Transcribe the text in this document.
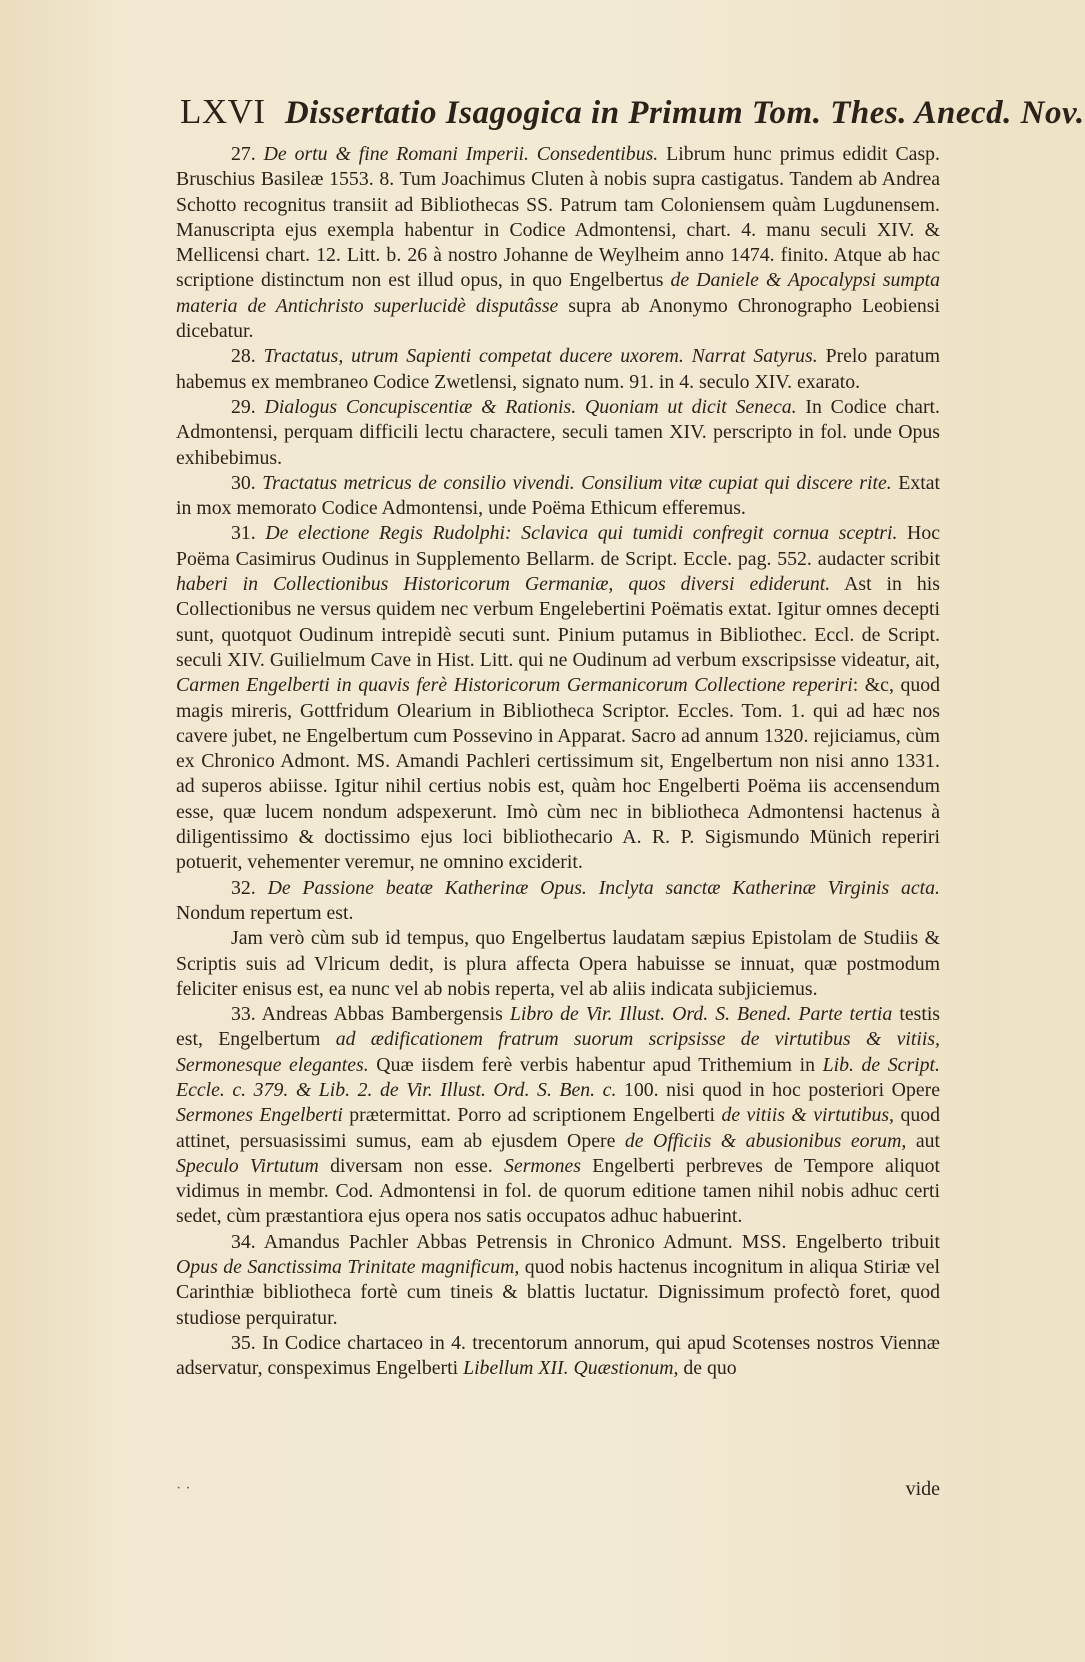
LXVI Dissertatio Isagogica in Primum Tom. Thes. Anecd. Nov.

27. De ortu & fine Romani Imperii. Consedentibus. Librum hunc primus edidit Casp. Bruschius Basileæ 1553. 8. Tum Joachimus Cluten à nobis supra castigatus. Tandem ab Andrea Schotto recognitus transiit ad Bibliothecas SS. Patrum tam Coloniensem quàm Lugdunensem. Manuscripta ejus exempla habentur in Codice Admontensi, chart. 4. manu seculi XIV. & Mellicensi chart. 12. Litt. b. 26 à nostro Johanne de Weylheim anno 1474. finito. Atque ab hac scriptione distinctum non est illud opus, in quo Engelbertus de Daniele & Apocalypsi sumpta materia de Antichristo superlucidè disputâsse supra ab Anonymo Chronographo Leobiensi dicebatur.

28. Tractatus, utrum Sapienti competat ducere uxorem. Narrat Satyrus. Prelo paratum habemus ex membraneo Codice Zwetlensi, signato num. 91. in 4. seculo XIV. exarato.

29. Dialogus Concupiscentiæ & Rationis. Quoniam ut dicit Seneca. In Codice chart. Admontensi, perquam difficili lectu charactere, seculi tamen XIV. perscripto in fol. unde Opus exhibebimus.

30. Tractatus metricus de consilio vivendi. Consilium vitæ cupiat qui discere rite. Extat in mox memorato Codice Admontensi, unde Poëma Ethicum efferemus.

31. De electione Regis Rudolphi: Sclavica qui tumidi confregit cornua sceptri. Hoc Poëma Casimirus Oudinus in Supplemento Bellarm. de Script. Eccle. pag. 552. audacter scribit haberi in Collectionibus Historicorum Germaniæ, quos diversi ediderunt. Ast in his Collectionibus ne versus quidem nec verbum Engelebertini Poëmatis extat. Igitur omnes decepti sunt, quotquot Oudinum intrepidè secuti sunt. Pinium putamus in Bibliothec. Eccl. de Script. seculi XIV. Guilielmum Cave in Hist. Litt. qui ne Oudinum ad verbum exscripsisse videatur, ait, Carmen Engelberti in quavis ferè Historicorum Germanicorum Collectione reperiri: &c, quod magis mireris, Gottfridum Olearium in Bibliotheca Scriptor. Eccles. Tom. 1. qui ad hæc nos cavere jubet, ne Engelbertum cum Possevino in Apparat. Sacro ad annum 1320. rejiciamus, cùm ex Chronico Admont. MS. Amandi Pachleri certissimum sit, Engelbertum non nisi anno 1331. ad superos abiisse. Igitur nihil certius nobis est, quàm hoc Engelberti Poëma iis accensendum esse, quæ lucem nondum adspexerunt. Imò cùm nec in bibliotheca Admontensi hactenus à diligentissimo & doctissimo ejus loci bibliothecario A. R. P. Sigismundo Münich reperiri potuerit, vehementer veremur, ne omnino exciderit.

32. De Passione beatæ Katherinæ Opus. Inclyta sanctæ Katherinæ Virginis acta. Nondum repertum est.

Jam verò cùm sub id tempus, quo Engelbertus laudatam sæpius Epistolam de Studiis & Scriptis suis ad Vlricum dedit, is plura affecta Opera habuisse se innuat, quæ postmodum feliciter enisus est, ea nunc vel ab nobis reperta, vel ab aliis indicata subjiciemus.

33. Andreas Abbas Bambergensis Libro de Vir. Illust. Ord. S. Bened. Parte tertia testis est, Engelbertum ad ædificationem fratrum suorum scripsisse de virtutibus & vitiis, Sermonesque elegantes. Quæ iisdem ferè verbis habentur apud Trithemium in Lib. de Script. Eccle. c. 379. & Lib. 2. de Vir. Illust. Ord. S. Ben. c. 100. nisi quod in hoc posteriori Opere Sermones Engelberti prætermittat. Porro ad scriptionem Engelberti de vitiis & virtutibus, quod attinet, persuasissimi sumus, eam ab ejusdem Opere de Officiis & abusionibus eorum, aut Speculo Virtutum diversam non esse. Sermones Engelberti perbreves de Tempore aliquot vidimus in membr. Cod. Admontensi in fol. de quorum editione tamen nihil nobis adhuc certi sedet, cùm præstantiora ejus opera nos satis occupatos adhuc habuerint.

34. Amandus Pachler Abbas Petrensis in Chronico Admunt. MSS. Engelberto tribuit Opus de Sanctissima Trinitate magnificum, quod nobis hactenus incognitum in aliqua Stiriæ vel Carinthiæ bibliotheca fortè cum tineis & blattis luctatur. Dignissimum profectò foret, quod studiose perquiratur.

35. In Codice chartaceo in 4. trecentorum annorum, qui apud Scotenses nostros Viennæ adservatur, conspeximus Engelberti Libellum XII. Quæstionum, de quo

· ·	vide
